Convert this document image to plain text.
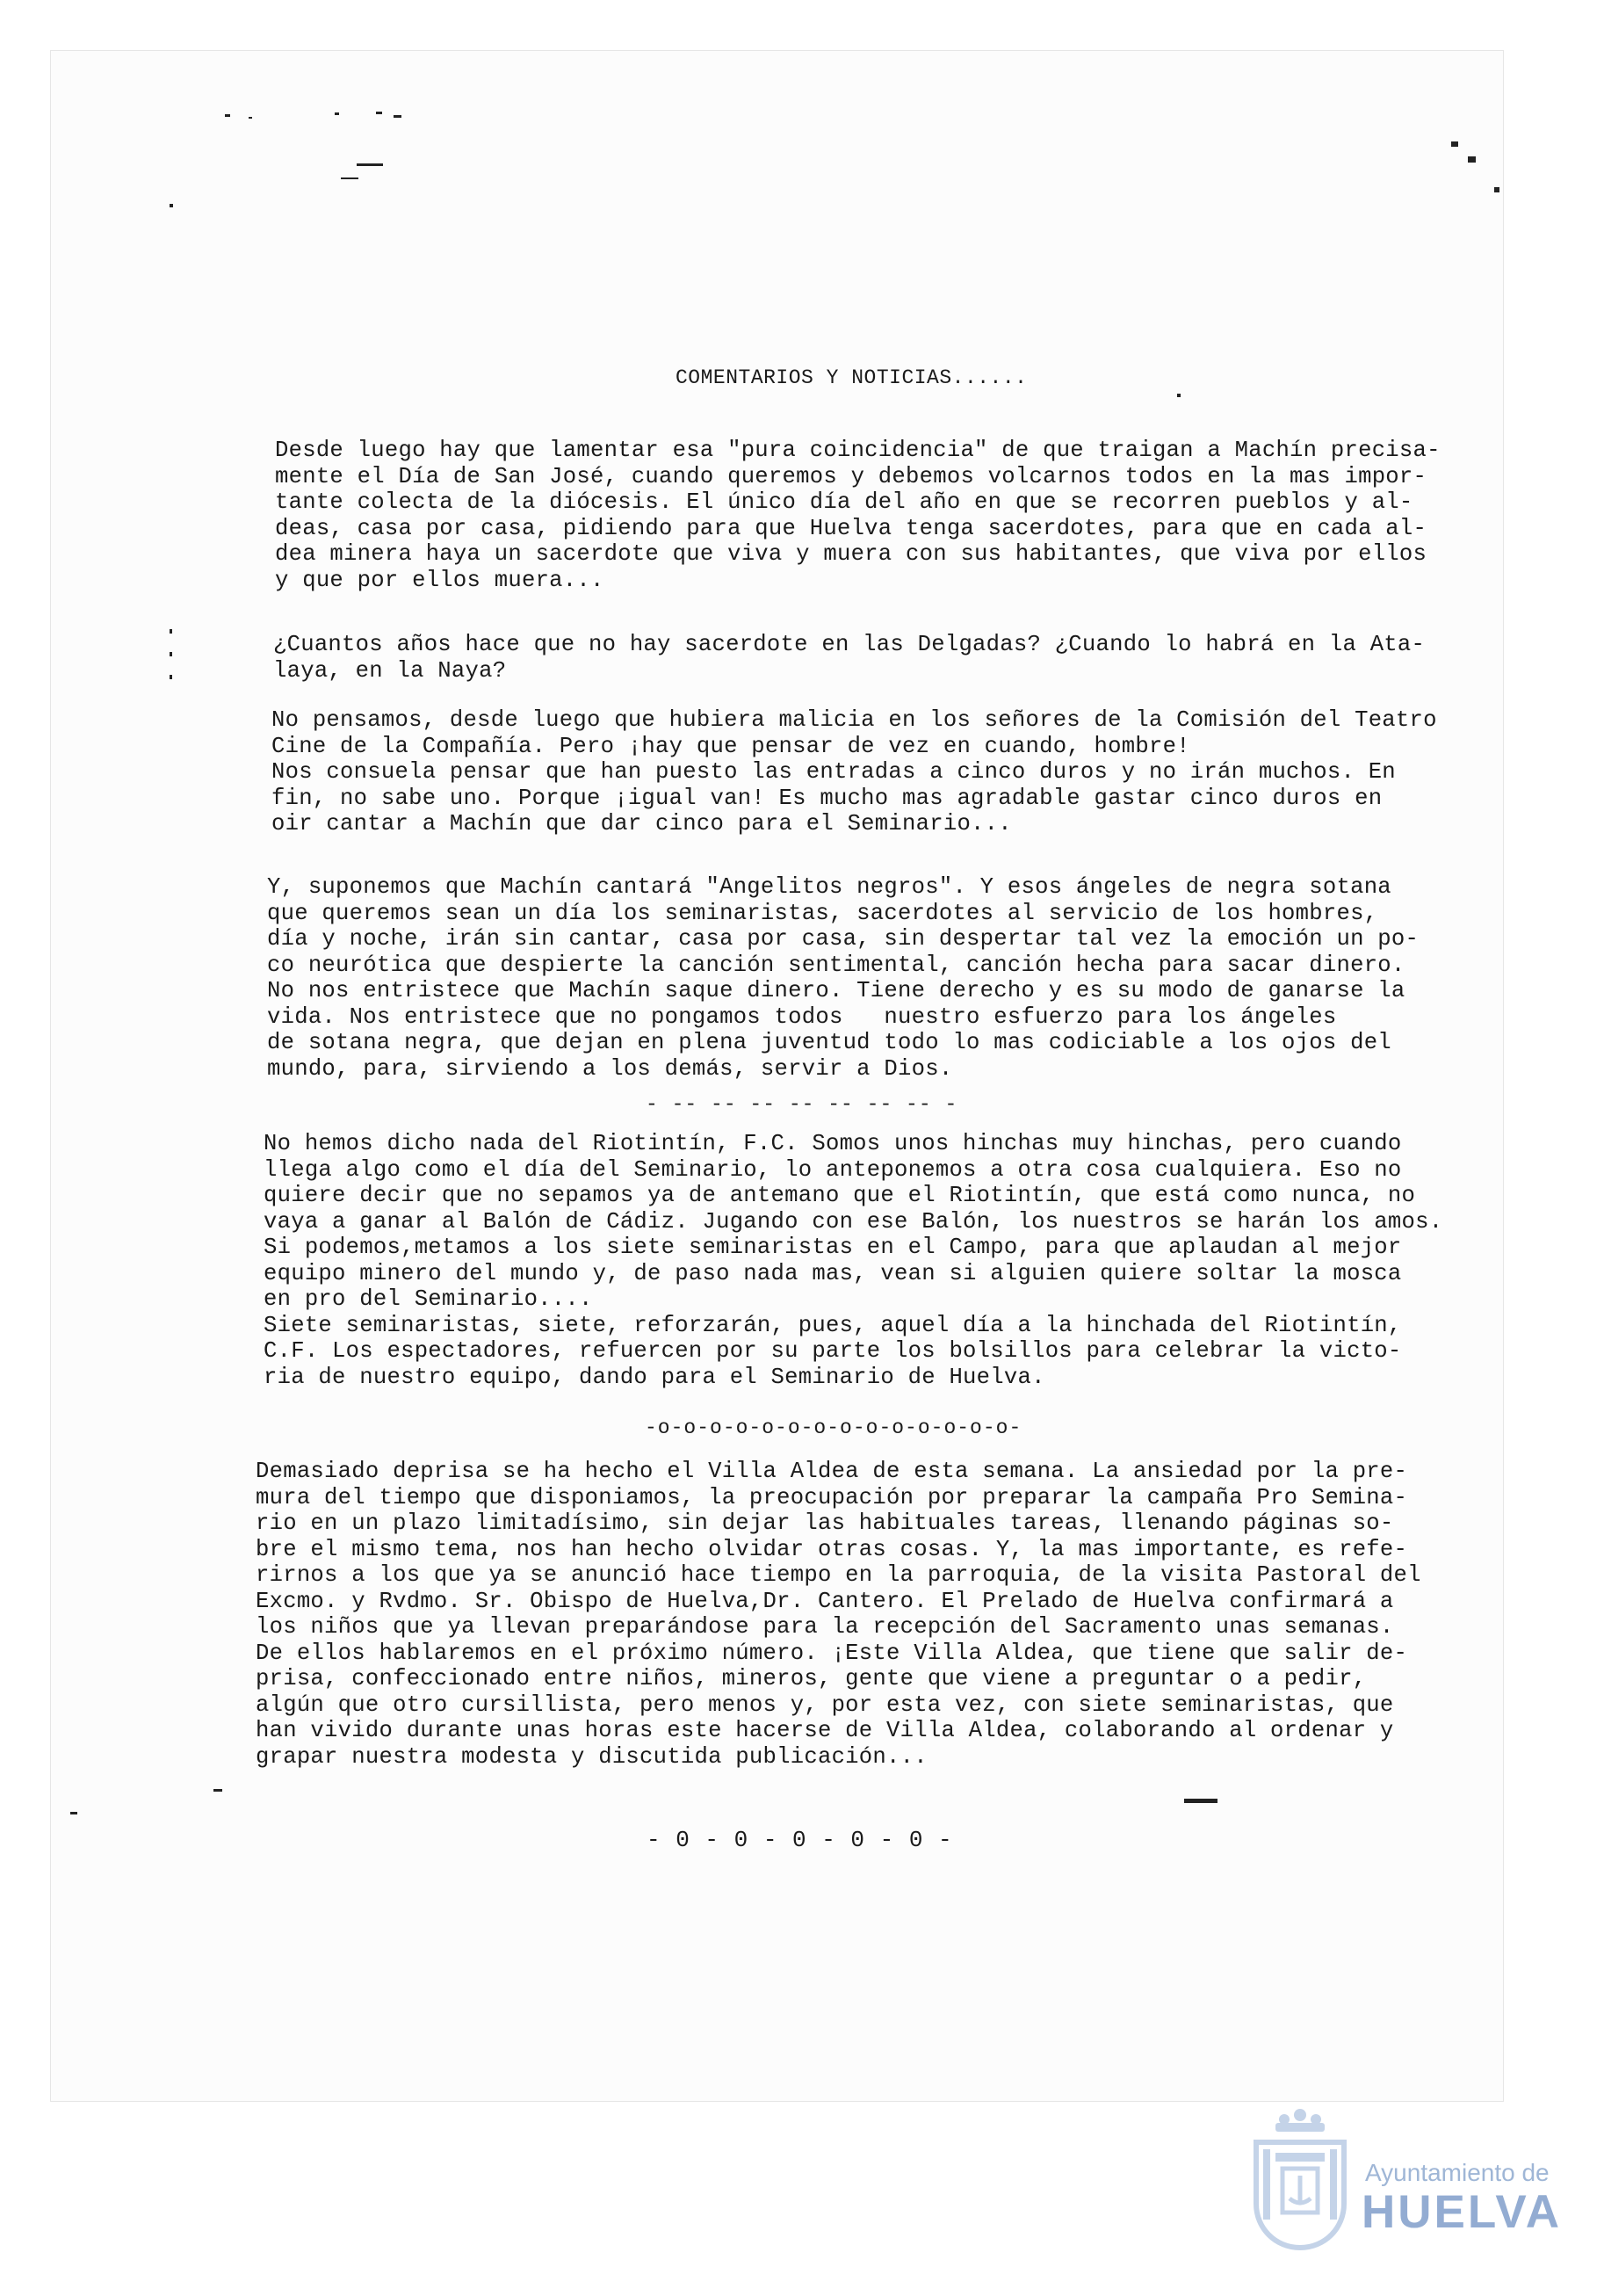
COMENTARIOS Y NOTICIAS......

Desde luego hay que lamentar esa "pura coincidencia" de que traigan a Machín precisa-
mente el Día de San José, cuando queremos y debemos volcarnos todos en la mas impor-
tante colecta de la diócesis. El único día del año en que se recorren pueblos y al-
deas, casa por casa, pidiendo para que Huelva tenga sacerdotes, para que en cada al-
dea minera haya un sacerdote que viva y muera con sus habitantes, que viva por ellos
y que por ellos muera...

¿Cuantos años hace que no hay sacerdote en las Delgadas? ¿Cuando lo habrá en la Ata-
laya, en la Naya?

No pensamos, desde luego que hubiera malicia en los señores de la Comisión del Teatro
Cine de la Compañía. Pero ¡hay que pensar de vez en cuando, hombre!
Nos consuela pensar que han puesto las entradas a cinco duros y no irán muchos. En
fin, no sabe uno. Porque ¡igual van! Es mucho mas agradable gastar cinco duros en
oir cantar a Machín que dar cinco para el Seminario...

Y, suponemos que Machín cantará "Angelitos negros". Y esos ángeles de negra sotana
que queremos sean un día los seminaristas, sacerdotes al servicio de los hombres,
día y noche, irán sin cantar, casa por casa, sin despertar tal vez la emoción un po-
co neurótica que despierte la canción sentimental, canción hecha para sacar dinero.
No nos entristece que Machín saque dinero. Tiene derecho y es su modo de ganarse la
vida. Nos entristece que no pongamos todos   nuestro esfuerzo para los ángeles
de sotana negra, que dejan en plena juventud todo lo mas codiciable a los ojos del
mundo, para, sirviendo a los demás, servir a Dios.

- -- -- -- -- -- -- -- -

No hemos dicho nada del Riotintín, F.C. Somos unos hinchas muy hinchas, pero cuando
llega algo como el día del Seminario, lo anteponemos a otra cosa cualquiera. Eso no
quiere decir que no sepamos ya de antemano que el Riotintín, que está como nunca, no
vaya a ganar al Balón de Cádiz. Jugando con ese Balón, los nuestros se harán los amos.
Si podemos,metamos a los siete seminaristas en el Campo, para que aplaudan al mejor
equipo minero del mundo y, de paso nada mas, vean si alguien quiere soltar la mosca
en pro del Seminario....
Siete seminaristas, siete, reforzarán, pues, aquel día a la hinchada del Riotintín,
C.F. Los espectadores, refuercen por su parte los bolsillos para celebrar la victo-
ria de nuestro equipo, dando para el Seminario de Huelva.

-o-o-o-o-o-o-o-o-o-o-o-o-o-o-

Demasiado deprisa se ha hecho el Villa Aldea de esta semana. La ansiedad por la pre-
mura del tiempo que disponiamos, la preocupación por preparar la campaña Pro Semina-
rio en un plazo limitadísimo, sin dejar las habituales tareas, llenando páginas so-
bre el mismo tema, nos han hecho olvidar otras cosas. Y, la mas importante, es refe-
rirnos a los que ya se anunció hace tiempo en la parroquia, de la visita Pastoral del
Excmo. y Rvdmo. Sr. Obispo de Huelva,Dr. Cantero. El Prelado de Huelva confirmará a
los niños que ya llevan preparándose para la recepción del Sacramento unas semanas.
De ellos hablaremos en el próximo número. ¡Este Villa Aldea, que tiene que salir de-
prisa, confeccionado entre niños, mineros, gente que viene a preguntar o a pedir,
algún que otro cursillista, pero menos y, por esta vez, con siete seminaristas, que
han vivido durante unas horas este hacerse de Villa Aldea, colaborando al ordenar y
grapar nuestra modesta y discutida publicación...

- 0 - 0 - 0 - 0 - 0 -
Ayuntamiento de
HUELVA
